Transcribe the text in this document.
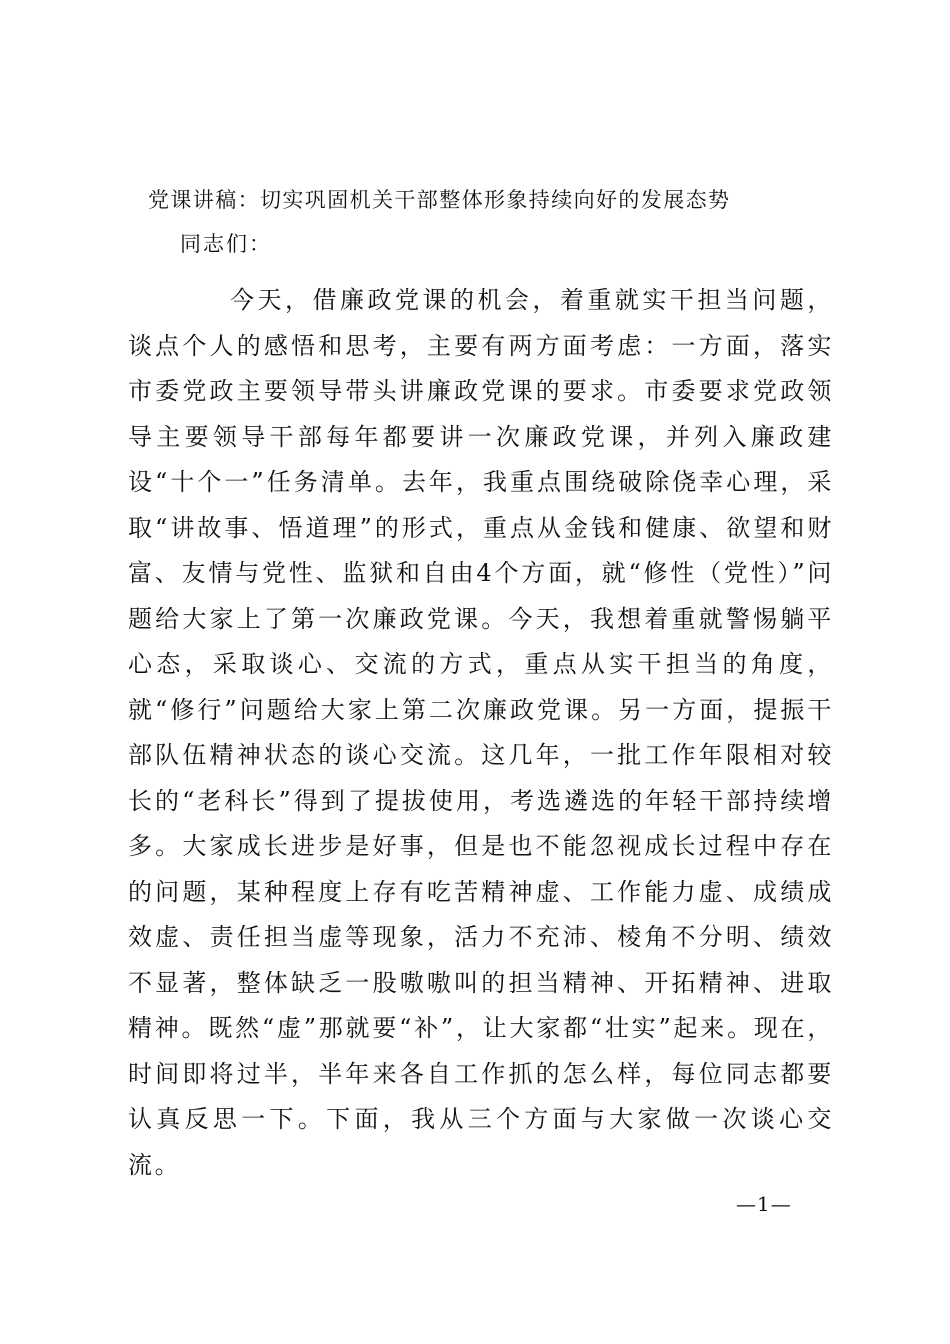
党课讲稿：切实巩固机关干部整体形象持续向好的发展态势

同志们：

今天，借廉政党课的机会，着重就实干担当问题，谈点个人的感悟和思考，主要有两方面考虑：一方面，落实市委党政主要领导带头讲廉政党课的要求。市委要求党政领导主要领导干部每年都要讲一次廉政党课，并列入廉政建设“十个一”任务清单。去年，我重点围绕破除侥幸心理，采取“讲故事、悟道理”的形式，重点从金钱和健康、欲望和财富、友情与党性、监狱和自由4个方面，就“修性（党性）”问题给大家上了第一次廉政党课。今天，我想着重就警惕躺平心态，采取谈心、交流的方式，重点从实干担当的角度，就“修行”问题给大家上第二次廉政党课。另一方面，提振干部队伍精神状态的谈心交流。这几年，一批工作年限相对较长的“老科长”得到了提拔使用，考选遴选的年轻干部持续增多。大家成长进步是好事，但是也不能忽视成长过程中存在的问题，某种程度上存有吃苦精神虚、工作能力虚、成绩成效虚、责任担当虚等现象，活力不充沛、棱角不分明、绩效不显著，整体缺乏一股嗷嗷叫的担当精神、开拓精神、进取精神。既然“虚”那就要“补”，让大家都“壮实”起来。现在，时间即将过半，半年来各自工作抓的怎么样，每位同志都要认真反思一下。下面，我从三个方面与大家做一次谈心交流。

—1—
